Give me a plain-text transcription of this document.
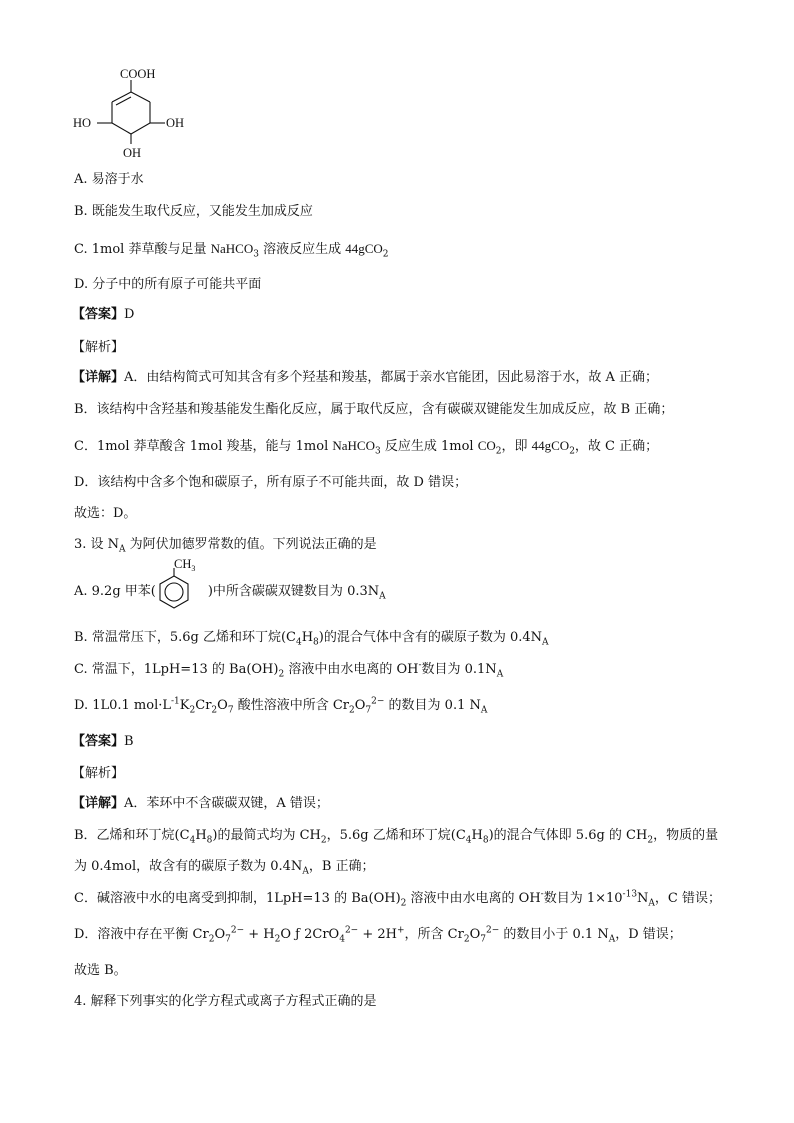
COOH
HO	OH
OH
A. 易溶于水
B. 既能发生取代反应，又能发生加成反应
C. 1mol 莽草酸与足量 NaHCO$_3$ 溶液反应生成 44gCO$_2$
D. 分子中的所有原子可能共平面
【答案】D
【解析】
【详解】A．由结构简式可知其含有多个羟基和羧基，都属于亲水官能团，因此易溶于水，故 A 正确；
B．该结构中含羟基和羧基能发生酯化反应，属于取代反应，含有碳碳双键能发生加成反应，故 B 正确；
C．1mol 莽草酸含 1mol 羧基，能与 1mol NaHCO$_3$ 反应生成 1mol $CO_2$，即 44gCO$_2$，故 C 正确；
D．该结构中含多个饱和碳原子，所有原子不可能共面，故 D 错误；
故选：D。
3. 设 $N_A$ 为阿伏加德罗常数的值。下列说法正确的是
$CH_3$
A. 9.2g 甲苯(	)中所含碳碳双键数目为 $0.3N_A$
B. 常温常压下，5.6g 乙烯和环丁烷$(C_4H_8)$的混合气体中含有的碳原子数为 $0.4N_A$
C. 常温下，1LpH=13 的 $Ba(OH)_2$ 溶液中由水电离的 OH-数目为 $0.1N_A$
D. 1L0.1 $mol\cdot L^{-1}K_2Cr_2O_7$ 酸性溶液中所含 $Cr_2O_7^{2-}$ 的数目为 0.1 $N_A$
【答案】B
【解析】
【详解】A．苯环中不含碳碳双键，A 错误；
B．乙烯和环丁烷$(C_4H_8)$的最简式均为 $CH_2$，5.6g 乙烯和环丁烷$(C_4H_8)$的混合气体即 5.6g 的 $CH_2$，物质的量
为 0.4mol，故含有的碳原子数为 $0.4N_A$，B 正确；
C．碱溶液中水的电离受到抑制，1LpH=13 的 $Ba(OH)_2$ 溶液中由水电离的 OH-数目为 $1\times 10^{-13}N_A$，C 错误；
D．溶液中存在平衡 $Cr_2O_7^{2-} + H_2O$ ƒ 2CrO$_4^{2-}$ + 2H+，所含 $Cr_2O_7^{2-}$ 的数目小于 0.1 $N_A$，D 错误；
故选 B。
4. 解释下列事实的化学方程式或离子方程式正确的是
